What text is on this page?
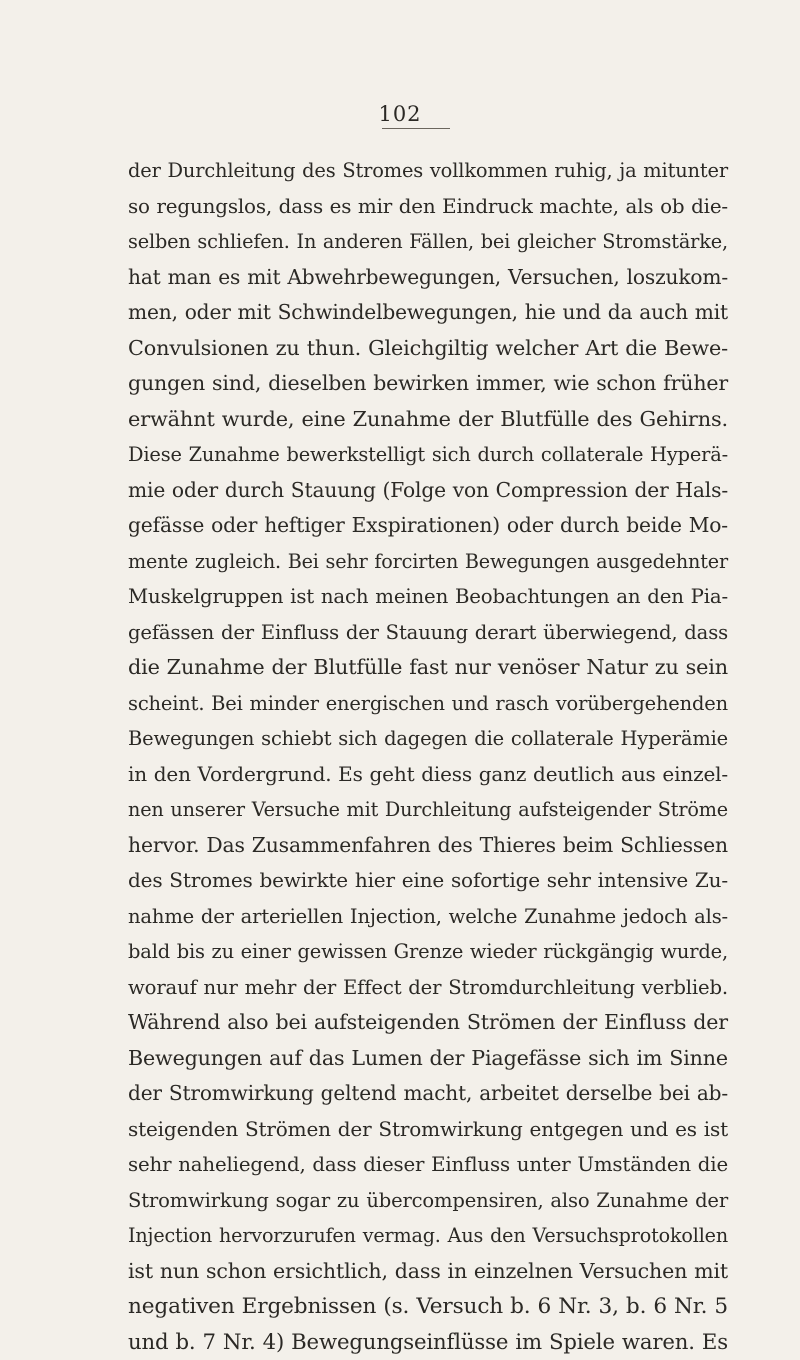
102
der Durchleitung des Stromes vollkommen ruhig, ja mitunter
so regungslos, dass es mir den Eindruck machte, als ob die-
selben schliefen. In anderen Fällen, bei gleicher Stromstärke,
hat man es mit Abwehrbewegungen, Versuchen, loszukom-
men, oder mit Schwindelbewegungen, hie und da auch mit
Convulsionen zu thun. Gleichgiltig welcher Art die Bewe-
gungen sind, dieselben bewirken immer, wie schon früher
erwähnt wurde, eine Zunahme der Blutfülle des Gehirns.
Diese Zunahme bewerkstelligt sich durch collaterale Hyperä-
mie oder durch Stauung (Folge von Compression der Hals-
gefässe oder heftiger Exspirationen) oder durch beide Mo-
mente zugleich. Bei sehr forcirten Bewegungen ausgedehnter
Muskelgruppen ist nach meinen Beobachtungen an den Pia-
gefässen der Einfluss der Stauung derart überwiegend, dass
die Zunahme der Blutfülle fast nur venöser Natur zu sein
scheint. Bei minder energischen und rasch vorübergehenden
Bewegungen schiebt sich dagegen die collaterale Hyperämie
in den Vordergrund. Es geht diess ganz deutlich aus einzel-
nen unserer Versuche mit Durchleitung aufsteigender Ströme
hervor. Das Zusammenfahren des Thieres beim Schliessen
des Stromes bewirkte hier eine sofortige sehr intensive Zu-
nahme der arteriellen Injection, welche Zunahme jedoch als-
bald bis zu einer gewissen Grenze wieder rückgängig wurde,
worauf nur mehr der Effect der Stromdurchleitung verblieb.
Während also bei aufsteigenden Strömen der Einfluss der
Bewegungen auf das Lumen der Piagefässe sich im Sinne
der Stromwirkung geltend macht, arbeitet derselbe bei ab-
steigenden Strömen der Stromwirkung entgegen und es ist
sehr naheliegend, dass dieser Einfluss unter Umständen die
Stromwirkung sogar zu übercompensiren, also Zunahme der
Injection hervorzurufen vermag. Aus den Versuchsprotokollen
ist nun schon ersichtlich, dass in einzelnen Versuchen mit
negativen Ergebnissen (s. Versuch b. 6 Nr. 3, b. 6 Nr. 5
und b. 7 Nr. 4) Bewegungseinflüsse im Spiele waren. Es
